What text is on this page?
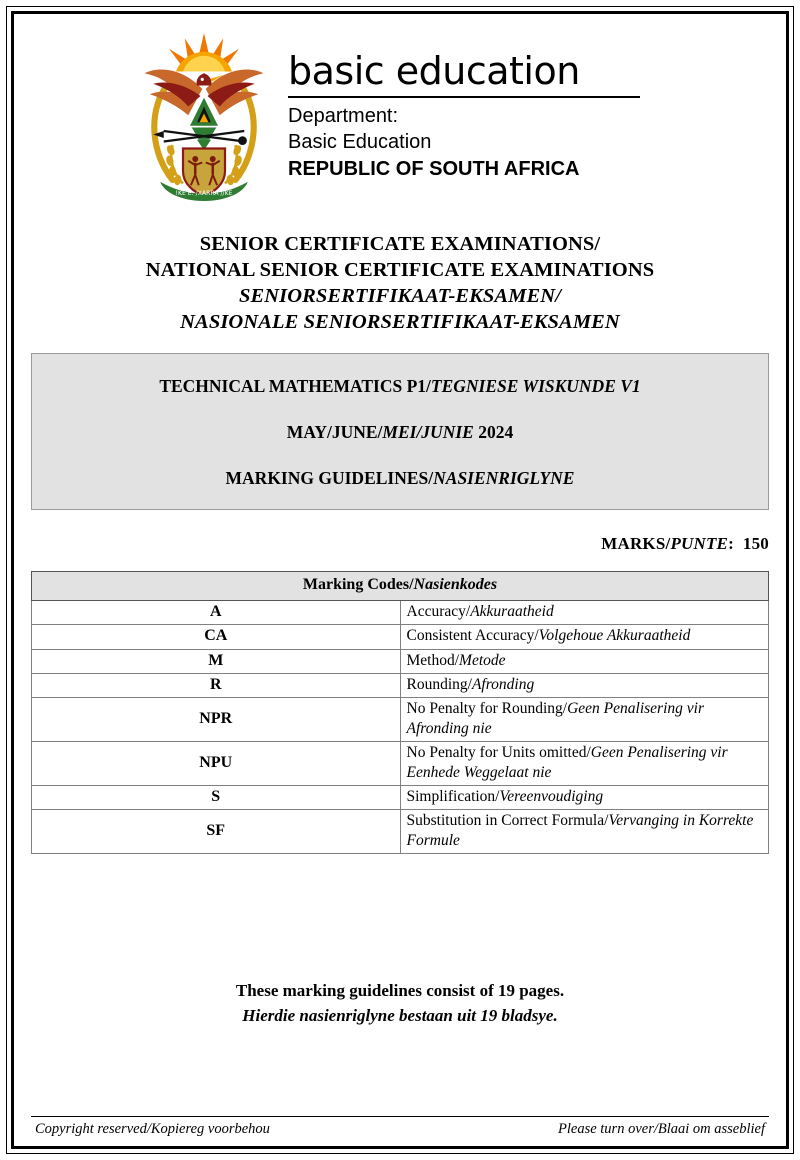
!KE E: /XARRA //KE
basic education
Department:
Basic Education
REPUBLIC OF SOUTH AFRICA
SENIOR CERTIFICATE EXAMINATIONS/
NATIONAL SENIOR CERTIFICATE EXAMINATIONS
SENIORSERTIFIKAAT-EKSAMEN/
NASIONALE SENIORSERTIFIKAAT-EKSAMEN
TECHNICAL MATHEMATICS P1/TEGNIESE WISKUNDE V1
MAY/JUNE/MEI/JUNIE 2024
MARKING GUIDELINES/NASIENRIGLYNE
MARKS/PUNTE: 150
Marking Codes/Nasienkodes	
A	Accuracy/Akkuraatheid
CA	Consistent Accuracy/Volgehoue Akkuraatheid
M	Method/Metode
R	Rounding/Afronding
NPR	No Penalty for Rounding/Geen Penalisering vir Afronding nie
NPU	No Penalty for Units omitted/Geen Penalisering vir Eenhede Weggelaat nie
S	Simplification/Vereenvoudiging
SF	Substitution in Correct Formula/Vervanging in Korrekte Formule
These marking guidelines consist of 19 pages.
Hierdie nasienriglyne bestaan uit 19 bladsye.
Copyright reserved/Kopiereg voorbehou	Please turn over/Blaai om asseblief
